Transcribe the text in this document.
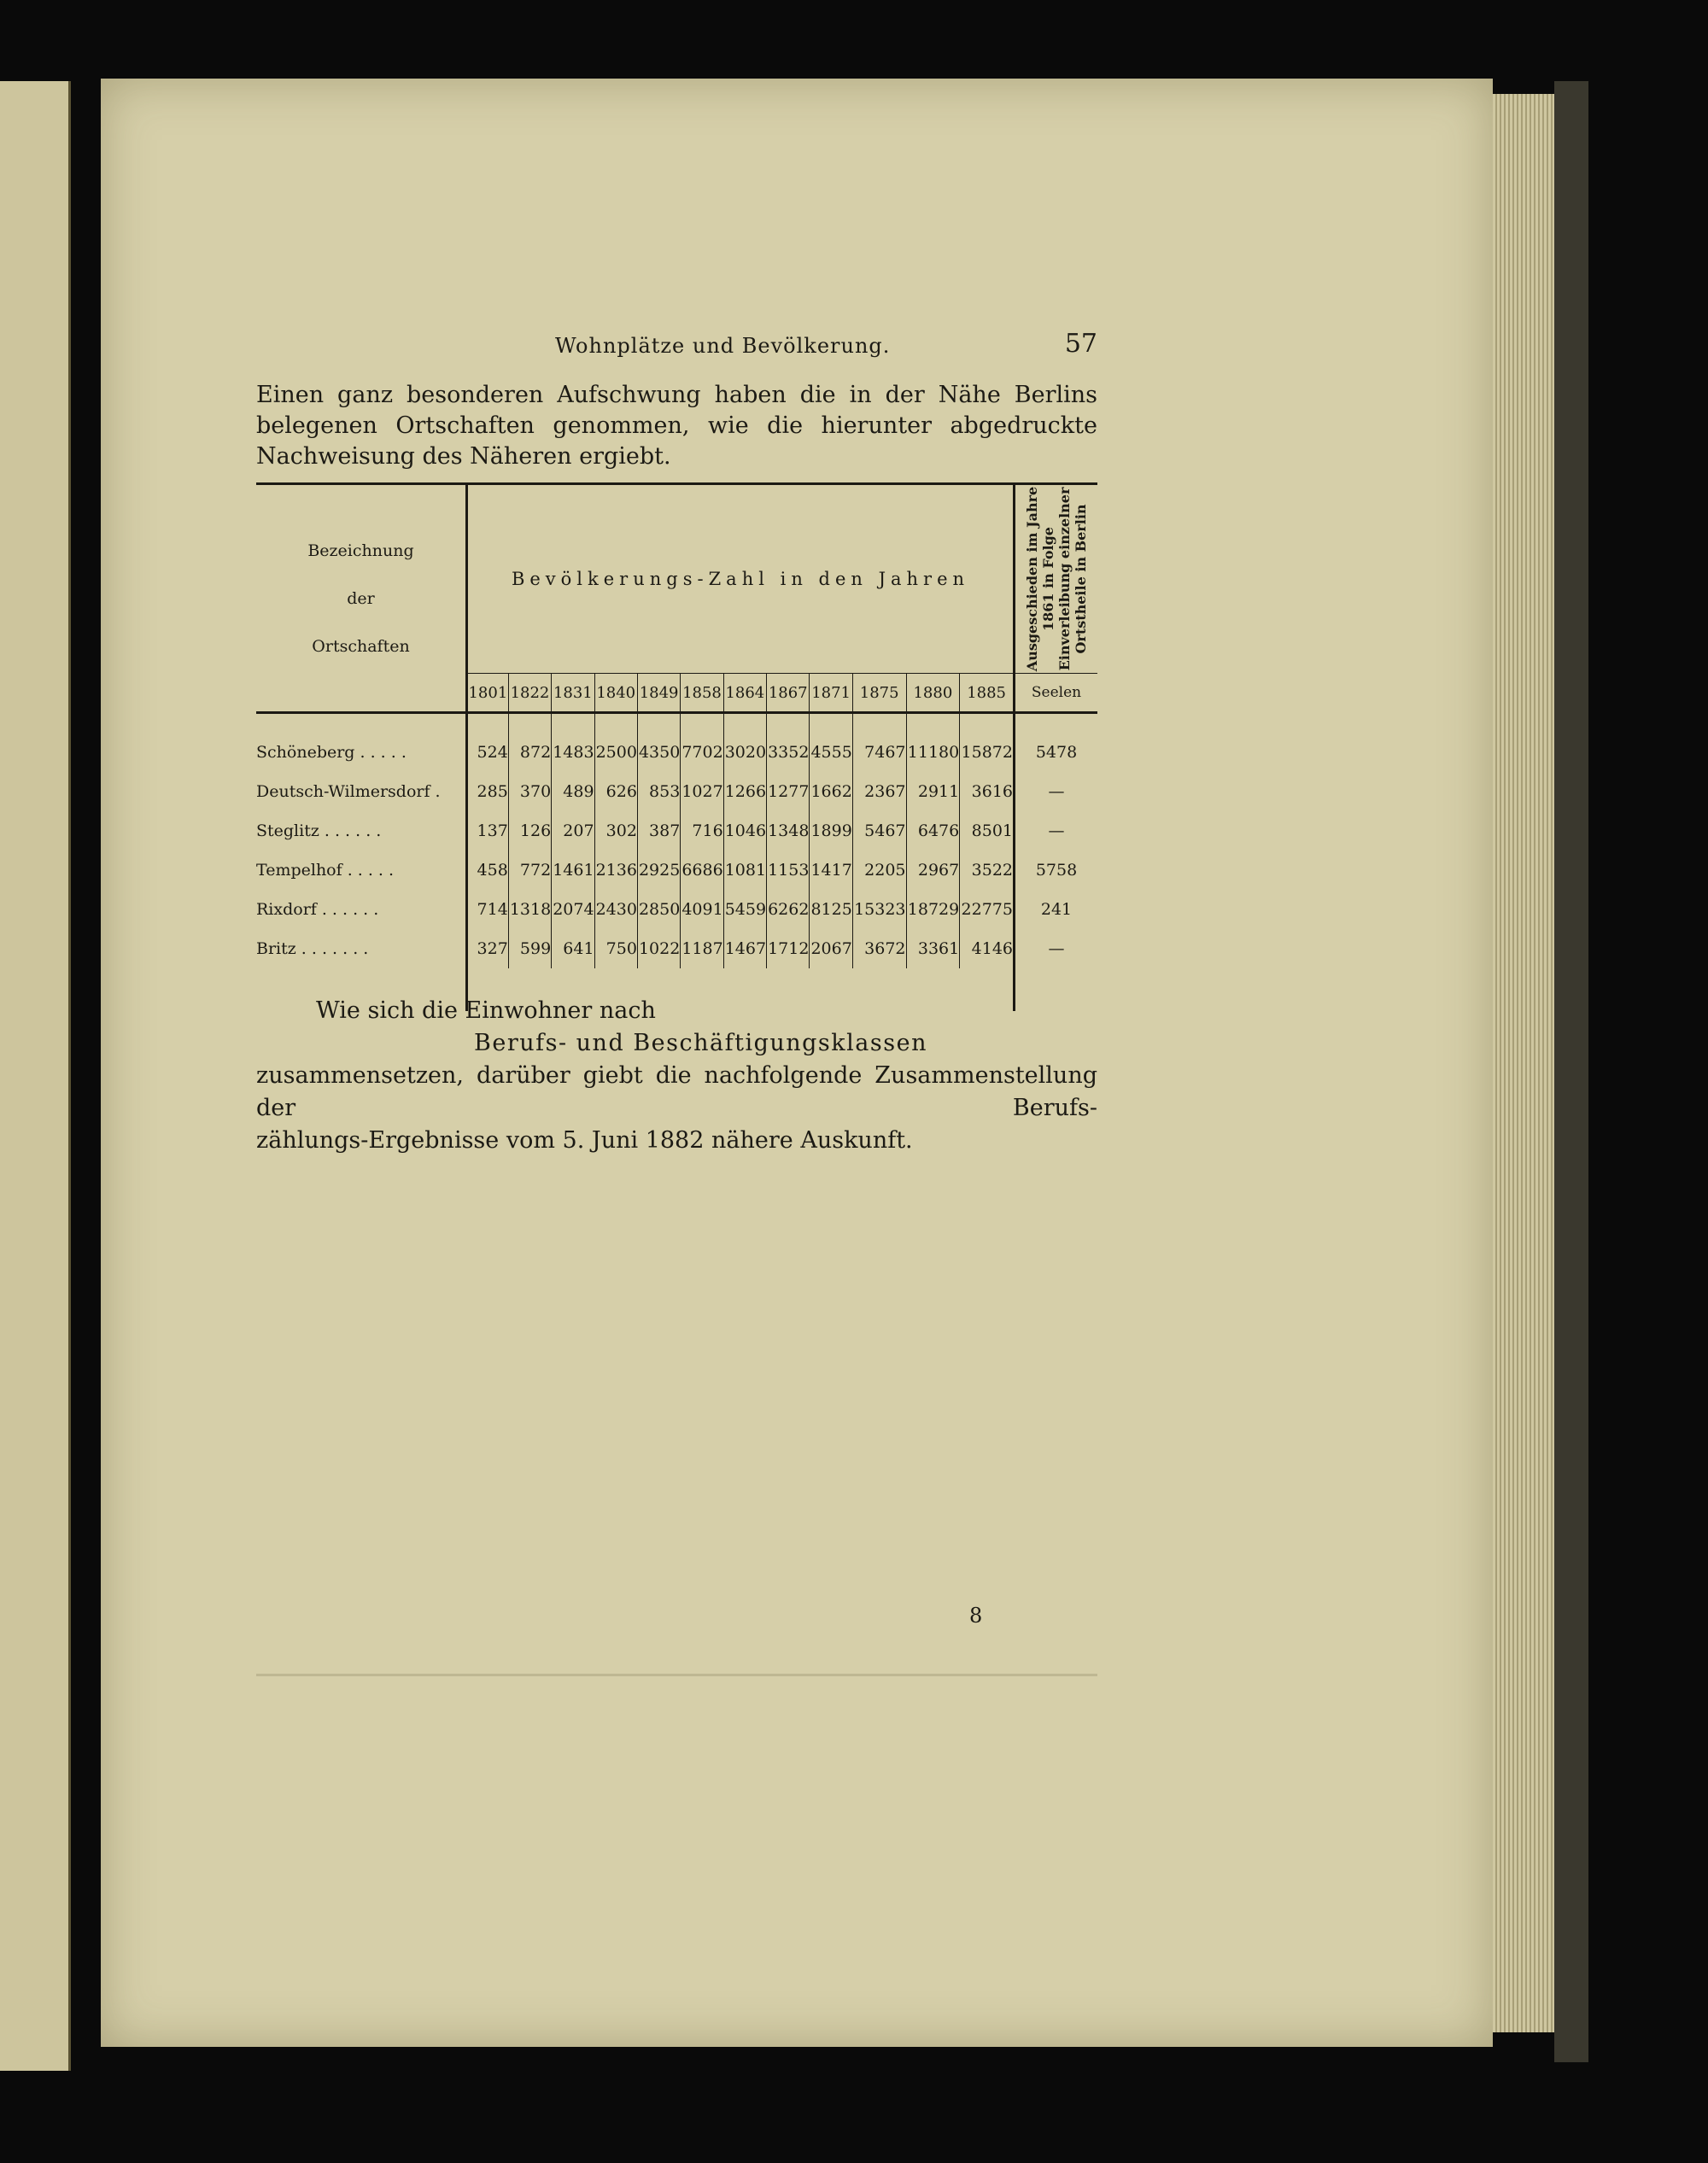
Wohnplätze und Bevölkerung.	57
Einen ganz besonderen Aufschwung haben die in der Nähe Berlins belegenen Ortschaften genommen, wie die hierunter abgedruckte Nachweisung des Näheren ergiebt.
Bezeichnung
der
Ortschaften	Bevölkerungs-Zahl in den Jahren												Ausgeschieden im Jahre 1861 in Folge Einverleibung einzelner Ortstheile in Berlin

	1801	1822	1831	1840	1849	1858	1864	1867	1871	1875	1880	1885	Seelen

Schöneberg . . . . .	524	872	1483	2500	4350	7702	3020	3352	4555	7467	11180	15872	5478
Deutsch-Wilmersdorf .	285	370	489	626	853	1027	1266	1277	1662	2367	2911	3616	—
Steglitz . . . . . .	137	126	207	302	387	716	1046	1348	1899	5467	6476	8501	—
Tempelhof . . . . .	458	772	1461	2136	2925	6686	1081	1153	1417	2205	2967	3522	5758
Rixdorf . . . . . .	714	1318	2074	2430	2850	4091	5459	6262	8125	15323	18729	22775	241
Britz . . . . . . .	327	599	641	750	1022	1187	1467	1712	2067	3672	3361	4146	—

Wie sich die Einwohner nach
Berufs- und Beschäftigungsklassen
zusammensetzen, darüber giebt die nachfolgende Zusammenstellung der Berufs-
zählungs-Ergebnisse vom 5. Juni 1882 nähere Auskunft.
8
